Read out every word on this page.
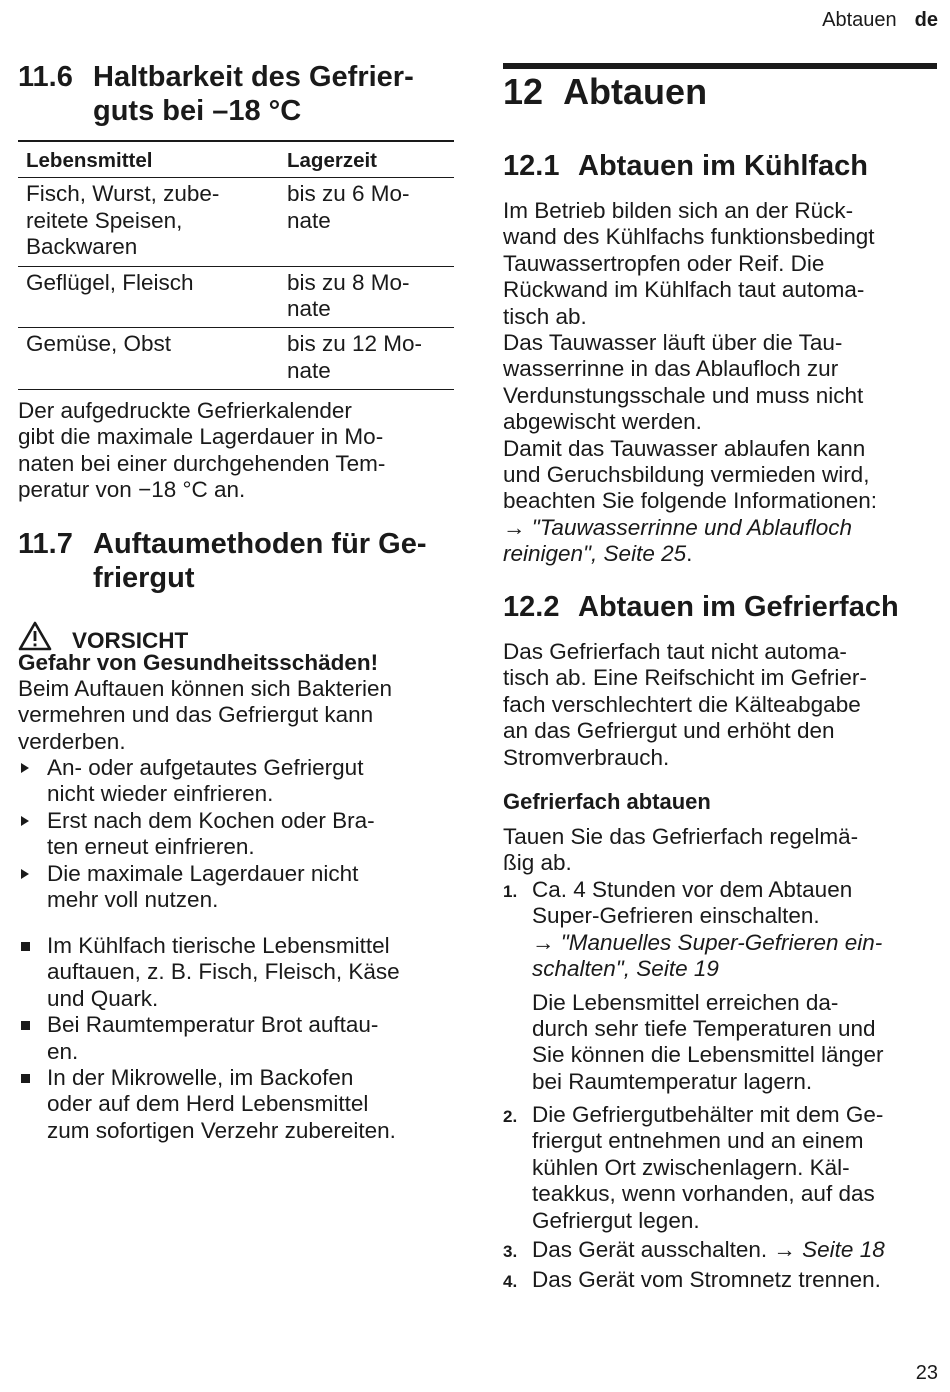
Abtauen de
11.6 Haltbarkeit des Gefrier-
guts bei –18 °C
Lebensmittel	Lagerzeit
Fisch, Wurst, zube-
reitete Speisen,
Backwaren	bis zu 6 Mo-
nate
Geflügel, Fleisch	bis zu 8 Mo-
nate
Gemüse, Obst	bis zu 12 Mo-
nate

Der aufgedruckte Gefrierkalender
gibt die maximale Lagerdauer in Mo-
naten bei einer durchgehenden Tem-
peratur von −18 °C an.

11.7 Auftaumethoden für Ge-
friergut
VORSICHT
Gefahr von Gesundheitsschäden!

Beim Auftauen können sich Bakterien
vermehren und das Gefriergut kann
verderben.

An- oder aufgetautes Gefriergut
nicht wieder einfrieren.
Erst nach dem Kochen oder Bra-
ten erneut einfrieren.
Die maximale Lagerdauer nicht
mehr voll nutzen.
Im Kühlfach tierische Lebensmittel
auftauen, z. B. Fisch, Fleisch, Käse
und Quark.
Bei Raumtemperatur Brot auftau-
en.
In der Mikrowelle, im Backofen
oder auf dem Herd Lebensmittel
zum sofortigen Verzehr zubereiten.
12 Abtauen
12.1 Abtauen im Kühlfach

Im Betrieb bilden sich an der Rück-
wand des Kühlfachs funktionsbedingt
Tauwassertropfen oder Reif. Die
Rückwand im Kühlfach taut automa-
tisch ab.
Das Tauwasser läuft über die Tau-
wasserrinne in das Ablaufloch zur
Verdunstungsschale und muss nicht
abgewischt werden.
Damit das Tauwasser ablaufen kann
und Geruchsbildung vermieden wird,
beachten Sie folgende Informationen:
→ "Tauwasserrinne und Ablaufloch
reinigen", Seite 25.

12.2 Abtauen im Gefrierfach

Das Gefrierfach taut nicht automa-
tisch ab. Eine Reifschicht im Gefrier-
fach verschlechtert die Kälteabgabe
an das Gefriergut und erhöht den
Stromverbrauch.

Gefrierfach abtauen

Tauen Sie das Gefrierfach regelmä-
ßig ab.

1. Ca. 4 Stunden vor dem Abtauen
Super-Gefrieren einschalten.
→ "Manuelles Super-Gefrieren ein-
schalten", Seite 19

Die Lebensmittel erreichen da-
durch sehr tiefe Temperaturen und
Sie können die Lebensmittel länger
bei Raumtemperatur lagern.

2. Die Gefriergutbehälter mit dem Ge-
friergut entnehmen und an einem
kühlen Ort zwischenlagern. Käl-
teakkus, wenn vorhanden, auf das
Gefriergut legen.

3. Das Gerät ausschalten. → Seite 18

4. Das Gerät vom Stromnetz trennen.

23
